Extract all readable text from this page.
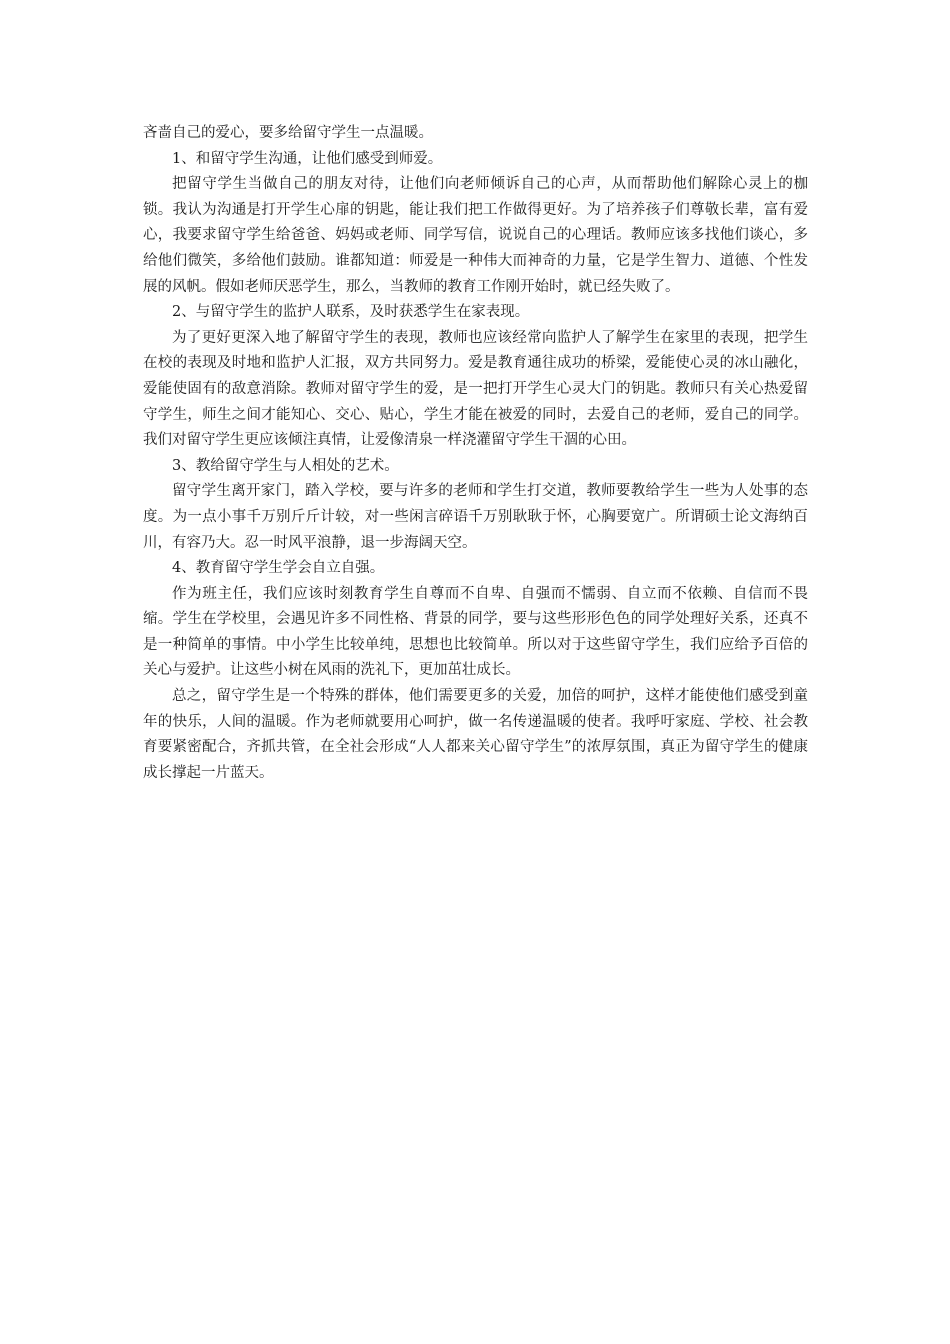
吝啬自己的爱心，要多给留守学生一点温暖。

1、和留守学生沟通，让他们感受到师爱。

把留守学生当做自己的朋友对待，让他们向老师倾诉自己的心声，从而帮助他们解除心灵上的枷锁。我认为沟通是打开学生心扉的钥匙，能让我们把工作做得更好。为了培养孩子们尊敬长辈，富有爱心，我要求留守学生给爸爸、妈妈或老师、同学写信，说说自己的心理话。教师应该多找他们谈心，多给他们微笑，多给他们鼓励。谁都知道：师爱是一种伟大而神奇的力量，它是学生智力、道德、个性发展的风帆。假如老师厌恶学生，那么，当教师的教育工作刚开始时，就已经失败了。

2、与留守学生的监护人联系，及时获悉学生在家表现。

为了更好更深入地了解留守学生的表现，教师也应该经常向监护人了解学生在家里的表现，把学生在校的表现及时地和监护人汇报，双方共同努力。爱是教育通往成功的桥梁，爱能使心灵的冰山融化，爱能使固有的敌意消除。教师对留守学生的爱，是一把打开学生心灵大门的钥匙。教师只有关心热爱留守学生，师生之间才能知心、交心、贴心，学生才能在被爱的同时，去爱自己的老师，爱自己的同学。我们对留守学生更应该倾注真情，让爱像清泉一样浇灌留守学生干涸的心田。

3、教给留守学生与人相处的艺术。

留守学生离开家门，踏入学校，要与许多的老师和学生打交道，教师要教给学生一些为人处事的态度。为一点小事千万别斤斤计较，对一些闲言碎语千万别耿耿于怀，心胸要宽广。所谓硕士论文海纳百川，有容乃大。忍一时风平浪静，退一步海阔天空。

4、教育留守学生学会自立自强。

作为班主任，我们应该时刻教育学生自尊而不自卑、自强而不懦弱、自立而不依赖、自信而不畏缩。学生在学校里，会遇见许多不同性格、背景的同学，要与这些形形色色的同学处理好关系，还真不是一种简单的事情。中小学生比较单纯，思想也比较简单。所以对于这些留守学生，我们应给予百倍的关心与爱护。让这些小树在风雨的洗礼下，更加茁壮成长。

总之，留守学生是一个特殊的群体，他们需要更多的关爱，加倍的呵护，这样才能使他们感受到童年的快乐，人间的温暖。作为老师就要用心呵护，做一名传递温暖的使者。我呼吁家庭、学校、社会教育要紧密配合，齐抓共管，在全社会形成“人人都来关心留守学生”的浓厚氛围，真正为留守学生的健康成长撑起一片蓝天。
